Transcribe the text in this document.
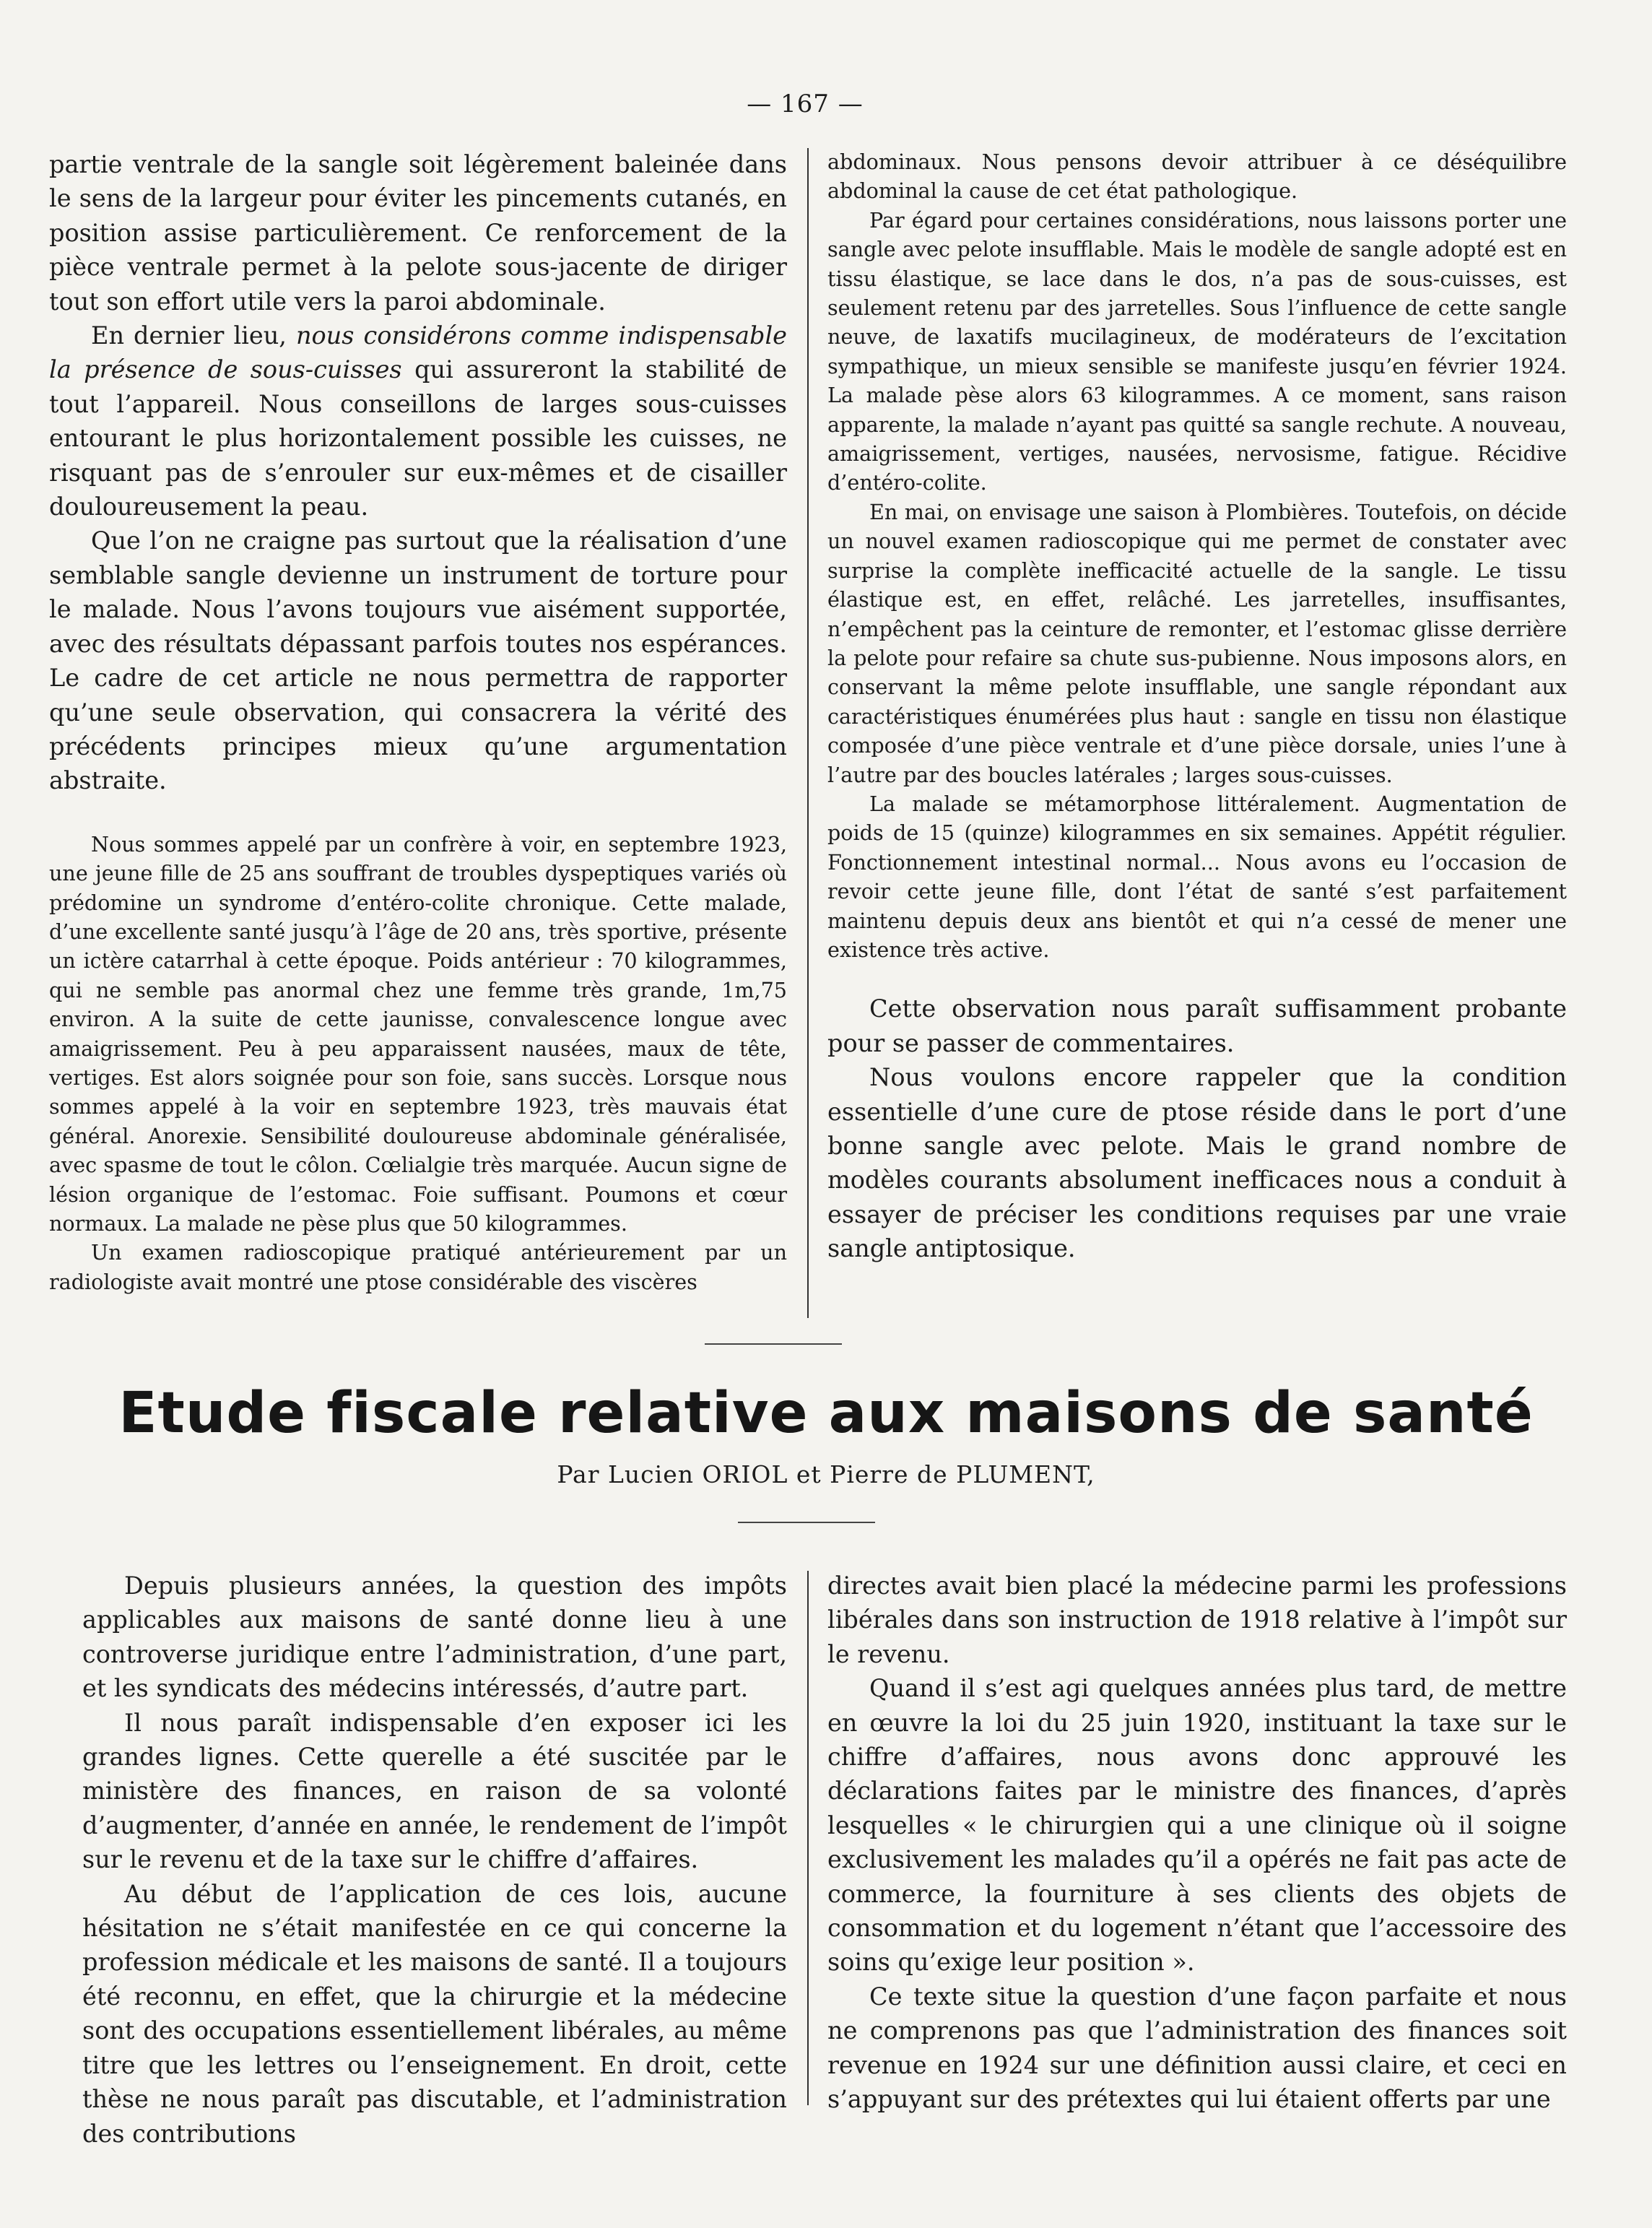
— 167 —

partie ventrale de la sangle soit légèrement baleinée dans le sens de la largeur pour éviter les pincements cutanés, en position assise particulièrement. Ce renforcement de la pièce ventrale permet à la pelote sous-jacente de diriger tout son effort utile vers la paroi abdominale.

En dernier lieu, nous considérons comme indispensable la présence de sous-cuisses qui assureront la stabilité de tout l’appareil. Nous conseillons de larges sous-cuisses entourant le plus horizontalement possible les cuisses, ne risquant pas de s’enrouler sur eux-mêmes et de cisailler douloureusement la peau.

Que l’on ne craigne pas surtout que la réalisation d’une semblable sangle devienne un instrument de torture pour le malade. Nous l’avons toujours vue aisément supportée, avec des résultats dépassant parfois toutes nos espérances. Le cadre de cet article ne nous permettra de rapporter qu’une seule observation, qui consacrera la vérité des précédents principes mieux qu’une argumentation abstraite.

Nous sommes appelé par un confrère à voir, en septembre 1923, une jeune fille de 25 ans souffrant de troubles dyspeptiques variés où prédomine un syndrome d’entéro-colite chronique. Cette malade, d’une excellente santé jusqu’à l’âge de 20 ans, très sportive, présente un ictère catarrhal à cette époque. Poids antérieur : 70 kilogrammes, qui ne semble pas anormal chez une femme très grande, 1m,75 environ. A la suite de cette jaunisse, convalescence longue avec amaigrissement. Peu à peu apparaissent nausées, maux de tête, vertiges. Est alors soignée pour son foie, sans succès. Lorsque nous sommes appelé à la voir en septembre 1923, très mauvais état général. Anorexie. Sensibilité douloureuse abdominale généralisée, avec spasme de tout le côlon. Cœlialgie très marquée. Aucun signe de lésion organique de l’estomac. Foie suffisant. Poumons et cœur normaux. La malade ne pèse plus que 50 kilogrammes.

Un examen radioscopique pratiqué antérieurement par un radiologiste avait montré une ptose considérable des viscères

abdominaux. Nous pensons devoir attribuer à ce déséquilibre abdominal la cause de cet état pathologique.

Par égard pour certaines considérations, nous laissons porter une sangle avec pelote insufflable. Mais le modèle de sangle adopté est en tissu élastique, se lace dans le dos, n’a pas de sous-cuisses, est seulement retenu par des jarretelles. Sous l’influence de cette sangle neuve, de laxatifs mucilagineux, de modérateurs de l’excitation sympathique, un mieux sensible se manifeste jusqu’en février 1924. La malade pèse alors 63 kilogrammes. A ce moment, sans raison apparente, la malade n’ayant pas quitté sa sangle rechute. A nouveau, amaigrissement, vertiges, nausées, nervosisme, fatigue. Récidive d’entéro-colite.

En mai, on envisage une saison à Plombières. Toutefois, on décide un nouvel examen radioscopique qui me permet de constater avec surprise la complète inefficacité actuelle de la sangle. Le tissu élastique est, en effet, relâché. Les jarretelles, insuffisantes, n’empêchent pas la ceinture de remonter, et l’estomac glisse derrière la pelote pour refaire sa chute sus-pubienne. Nous imposons alors, en conservant la même pelote insufflable, une sangle répondant aux caractéristiques énumérées plus haut : sangle en tissu non élastique composée d’une pièce ventrale et d’une pièce dorsale, unies l’une à l’autre par des boucles latérales ; larges sous-cuisses.

La malade se métamorphose littéralement. Augmentation de poids de 15 (quinze) kilogrammes en six semaines. Appétit régulier. Fonctionnement intestinal normal... Nous avons eu l’occasion de revoir cette jeune fille, dont l’état de santé s’est parfaitement maintenu depuis deux ans bientôt et qui n’a cessé de mener une existence très active.

Cette observation nous paraît suffisamment probante pour se passer de commentaires.

Nous voulons encore rappeler que la condition essentielle d’une cure de ptose réside dans le port d’une bonne sangle avec pelote. Mais le grand nombre de modèles courants absolument inefficaces nous a conduit à essayer de préciser les conditions requises par une vraie sangle antiptosique.

Etude fiscale relative aux maisons de santé
Par Lucien ORIOL et Pierre de PLUMENT,

Depuis plusieurs années, la question des impôts applicables aux maisons de santé donne lieu à une controverse juridique entre l’administration, d’une part, et les syndicats des médecins intéressés, d’autre part.

Il nous paraît indispensable d’en exposer ici les grandes lignes. Cette querelle a été suscitée par le ministère des finances, en raison de sa volonté d’augmenter, d’année en année, le rendement de l’impôt sur le revenu et de la taxe sur le chiffre d’affaires.

Au début de l’application de ces lois, aucune hésitation ne s’était manifestée en ce qui concerne la profession médicale et les maisons de santé. Il a toujours été reconnu, en effet, que la chirurgie et la médecine sont des occupations essentiellement libérales, au même titre que les lettres ou l’enseignement. En droit, cette thèse ne nous paraît pas discutable, et l’administration des contributions

directes avait bien placé la médecine parmi les professions libérales dans son instruction de 1918 relative à l’impôt sur le revenu.

Quand il s’est agi quelques années plus tard, de mettre en œuvre la loi du 25 juin 1920, instituant la taxe sur le chiffre d’affaires, nous avons donc approuvé les déclarations faites par le ministre des finances, d’après lesquelles « le chirurgien qui a une clinique où il soigne exclusivement les malades qu’il a opérés ne fait pas acte de commerce, la fourniture à ses clients des objets de consommation et du logement n’étant que l’accessoire des soins qu’exige leur position ».

Ce texte situe la question d’une façon parfaite et nous ne comprenons pas que l’administration des finances soit revenue en 1924 sur une définition aussi claire, et ceci en s’appuyant sur des prétextes qui lui étaient offerts par une
